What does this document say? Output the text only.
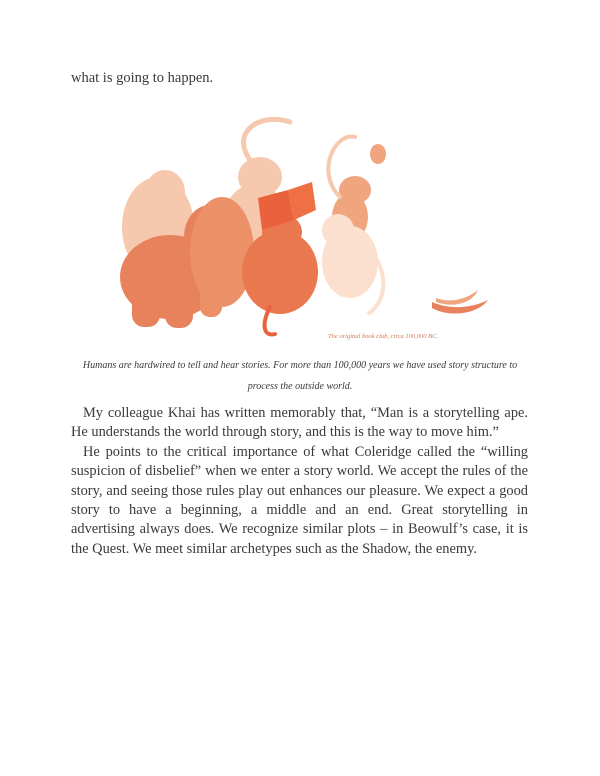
what is going to happen.
The original book club, circa 100,000 BC.
Humans are hardwired to tell and hear stories. For more than 100,000 years we have used story structure to process the outside world.

My colleague Khai has written memorably that, “Man is a storytelling ape. He understands the world through story, and this is the way to move him.”

He points to the critical importance of what Coleridge called the “willing suspicion of disbelief” when we enter a story world. We accept the rules of the story, and seeing those rules play out enhances our pleasure. We expect a good story to have a beginning, a middle and an end. Great storytelling in advertising always does. We recognize similar plots – in Beowulf’s case, it is the Quest. We meet similar archetypes such as the Shadow, the enemy.
